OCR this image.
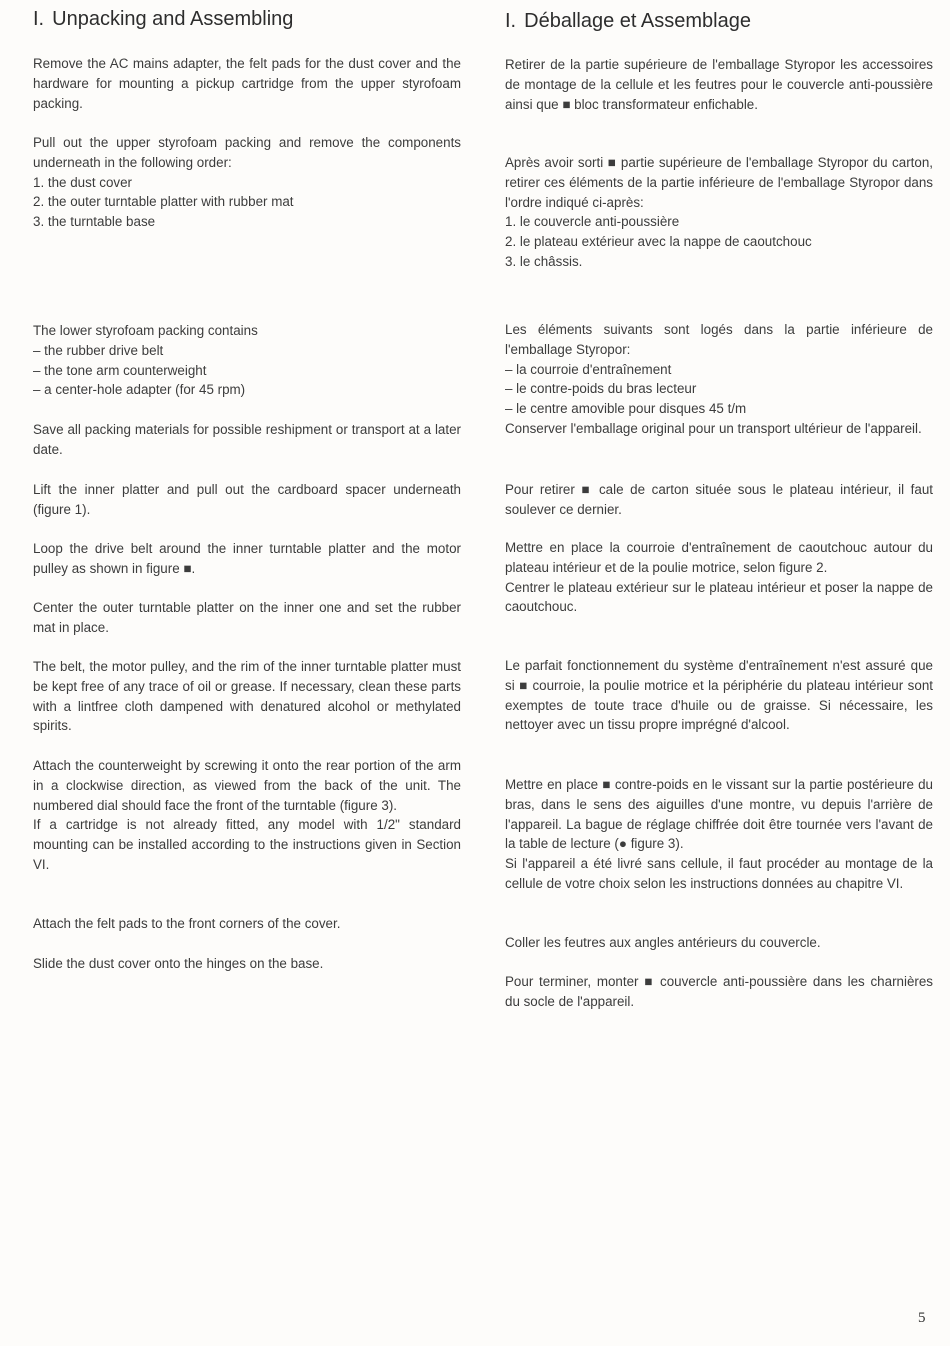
I. Unpacking and Assembling

Remove the AC mains adapter, the felt pads for the dust cover and the hardware for mounting a pickup cartridge from the upper styrofoam packing.

Pull out the upper styrofoam packing and remove the components underneath in the following order:
1. the dust cover
2. the outer turntable platter with rubber mat
3. the turntable base

The lower styrofoam packing contains
– the rubber drive belt
– the tone arm counterweight
– a center-hole adapter (for 45 rpm)

Save all packing materials for possible reshipment or transport at a later date.

Lift the inner platter and pull out the cardboard spacer underneath (figure 1).

Loop the drive belt around the inner turntable platter and the motor pulley as shown in figure ■.

Center the outer turntable platter on the inner one and set the rubber mat in place.

The belt, the motor pulley, and the rim of the inner turntable platter must be kept free of any trace of oil or grease. If necessary, clean these parts with a lintfree cloth dampened with denatured alcohol or methylated spirits.

Attach the counterweight by screwing it onto the rear portion of the arm in a clockwise direction, as viewed from the back of the unit. The numbered dial should face the front of the turntable (figure 3).
If a cartridge is not already fitted, any model with 1/2" standard mounting can be installed according to the instructions given in Section VI.

Attach the felt pads to the front corners of the cover.

Slide the dust cover onto the hinges on the base.

I. Déballage et Assemblage

Retirer de la partie supérieure de l'emballage Styropor les accessoires de montage de la cellule et les feutres pour le couvercle anti-poussière ainsi que ■ bloc transformateur enfichable.

Après avoir sorti ■ partie supérieure de l'emballage Styropor du carton, retirer ces éléments de la partie inférieure de l'emballage Styropor dans l'ordre indiqué ci-après:
1. le couvercle anti-poussière
2. le plateau extérieur avec la nappe de caoutchouc
3. le châssis.

Les éléments suivants sont logés dans la partie inférieure de l'emballage Styropor:
– la courroie d'entraînement
– le contre-poids du bras lecteur
– le centre amovible pour disques 45 t/m
Conserver l'emballage original pour un transport ultérieur de l'appareil.

Pour retirer ■ cale de carton située sous le plateau intérieur, il faut soulever ce dernier.

Mettre en place la courroie d'entraînement de caoutchouc autour du plateau intérieur et de la poulie motrice, selon figure 2.
Centrer le plateau extérieur sur le plateau intérieur et poser la nappe de caoutchouc.

Le parfait fonctionnement du système d'entraînement n'est assuré que si ■ courroie, la poulie motrice et la périphérie du plateau intérieur sont exemptes de toute trace d'huile ou de graisse. Si nécessaire, les nettoyer avec un tissu propre imprégné d'alcool.

Mettre en place ■ contre-poids en le vissant sur la partie postérieure du bras, dans le sens des aiguilles d'une montre, vu depuis l'arrière de l'appareil. La bague de réglage chiffrée doit être tournée vers l'avant de la table de lecture (● figure 3).
Si l'appareil a été livré sans cellule, il faut procéder au montage de la cellule de votre choix selon les instructions données au chapitre VI.

Coller les feutres aux angles antérieurs du couvercle.

Pour terminer, monter ■ couvercle anti-poussière dans les charnières du socle de l'appareil.

5
